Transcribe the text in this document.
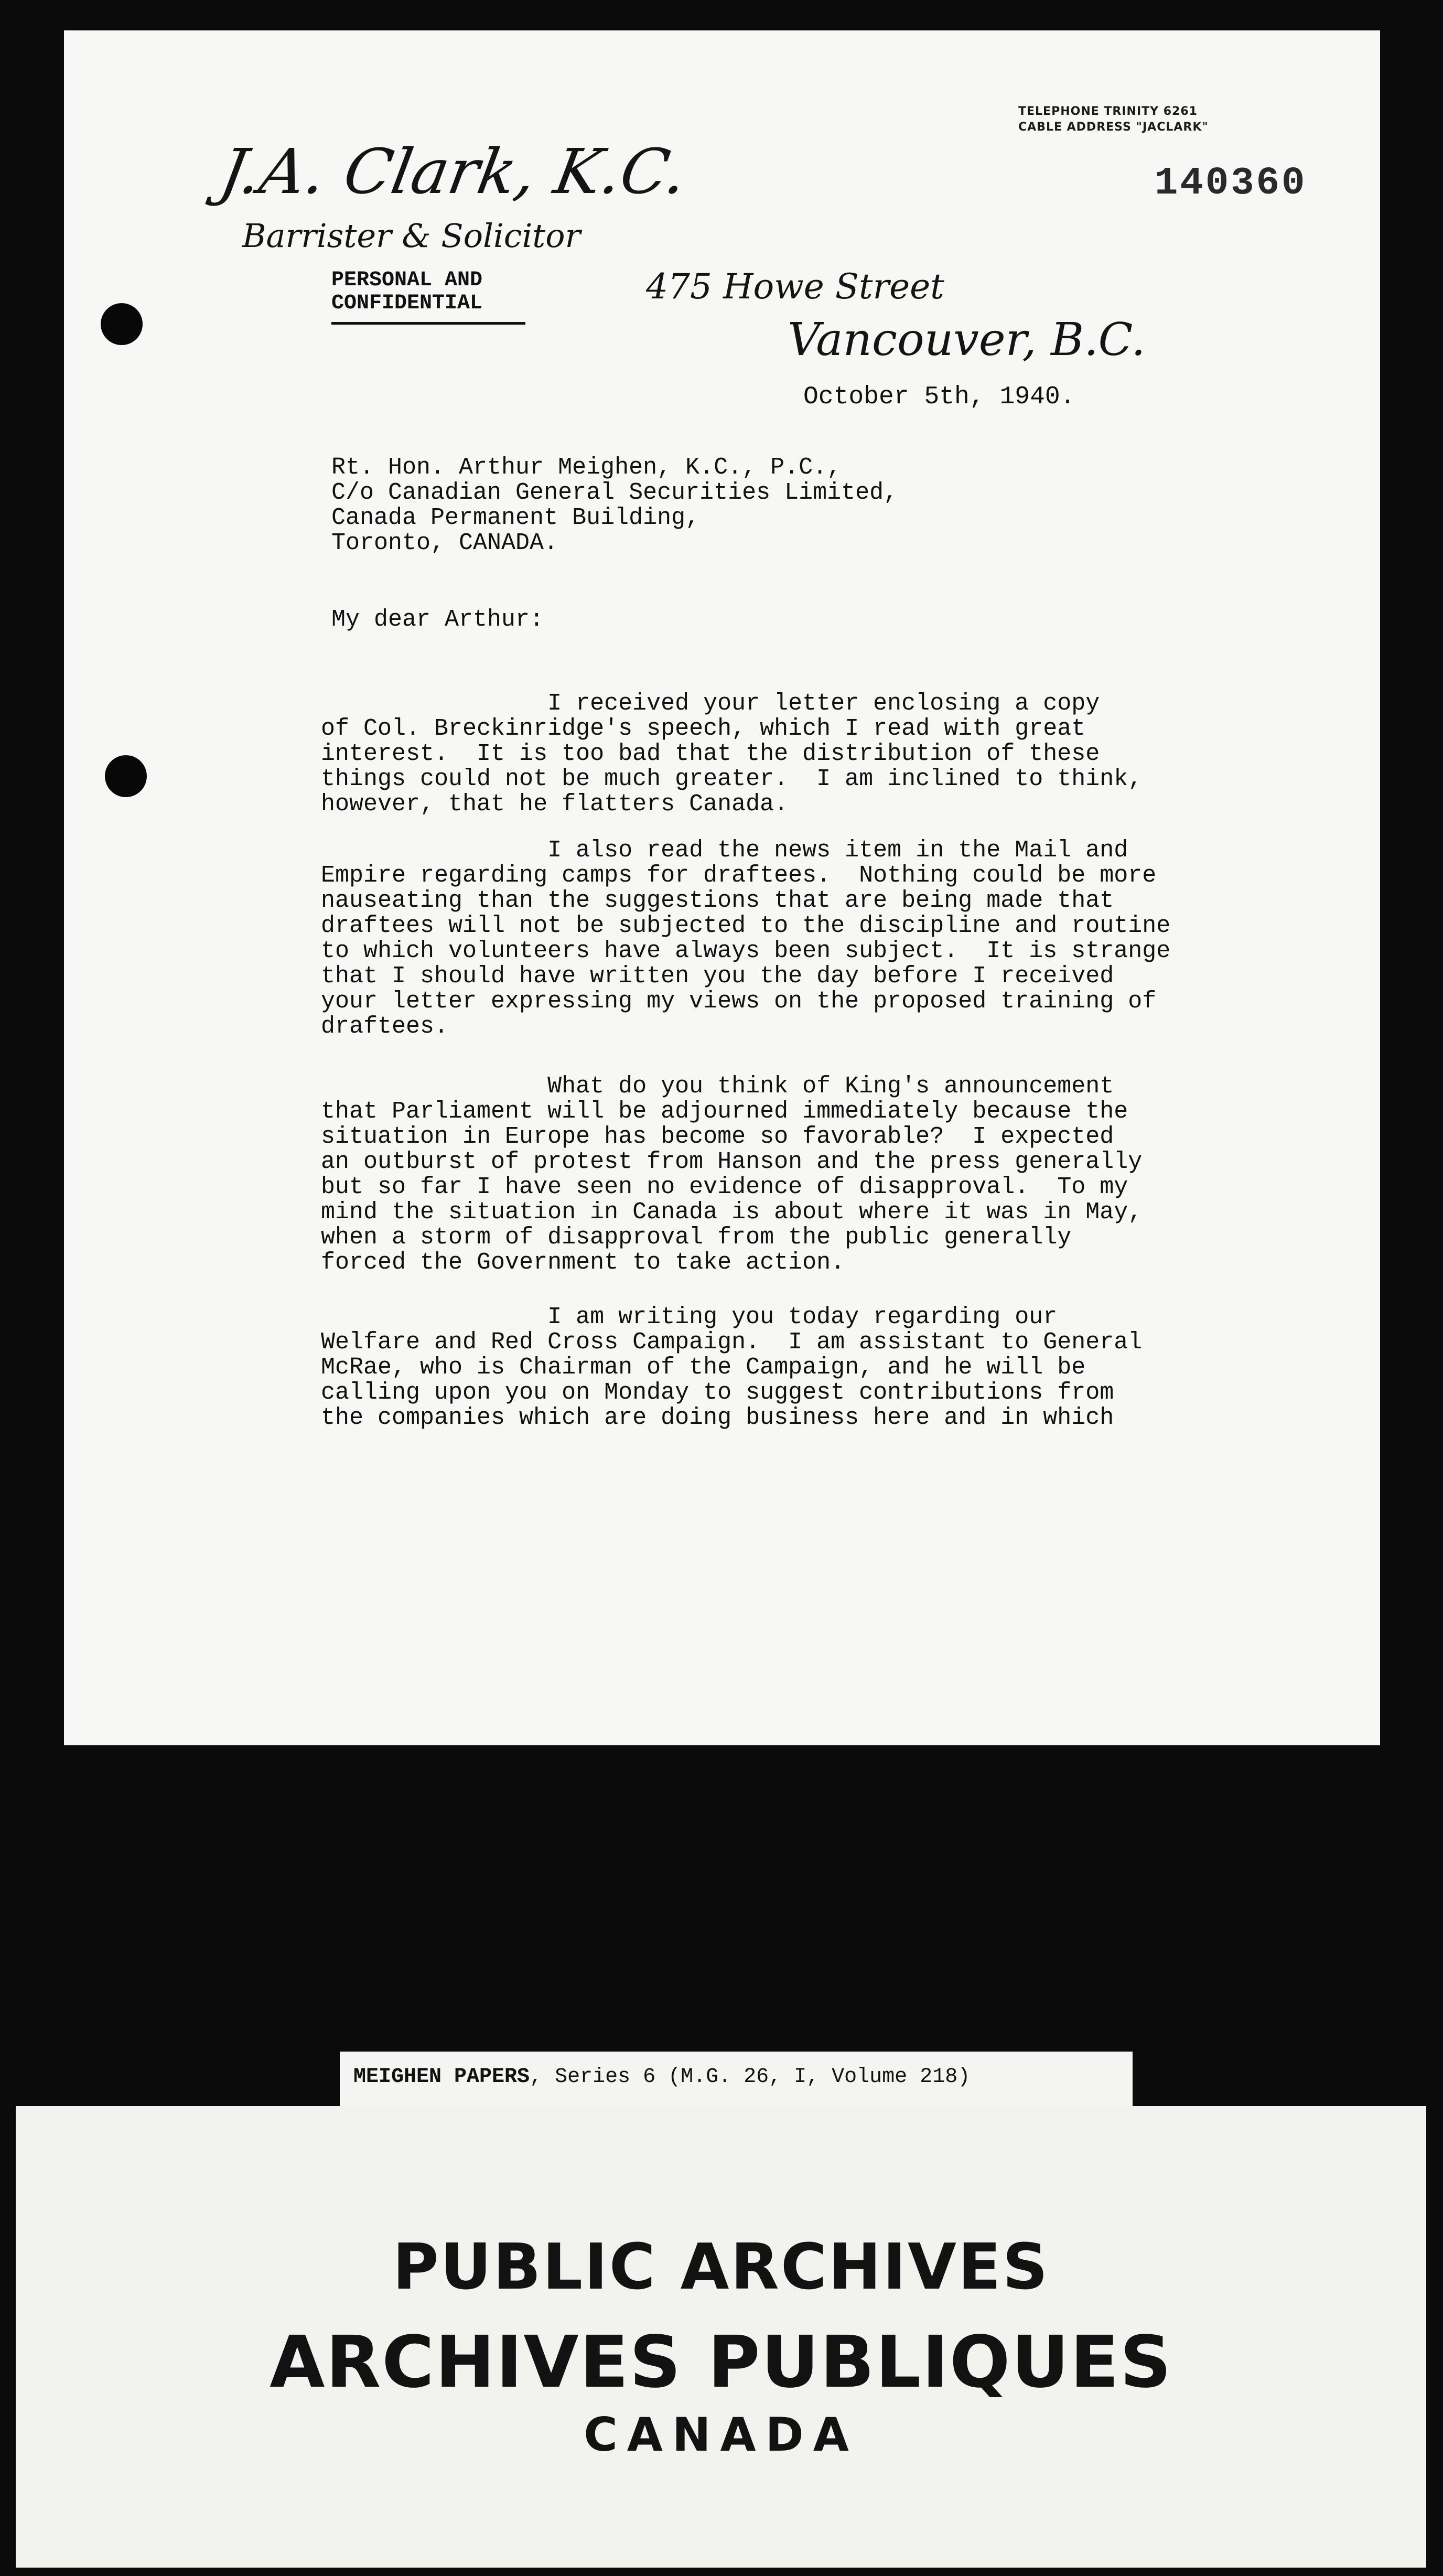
TELEPHONE TRINITY 6261
CABLE ADDRESS "JACLARK"
140360
J.A. Clark, K.C.
Barrister & Solicitor
475 Howe Street
Vancouver, B.C.
PERSONAL AND
CONFIDENTIAL
October 5th, 1940.
Rt. Hon. Arthur Meighen, K.C., P.C.,
C/o Canadian General Securities Limited,
Canada Permanent Building,
Toronto, CANADA.
My dear Arthur:
I received your letter enclosing a copy
of Col. Breckinridge's speech, which I read with great
interest.  It is too bad that the distribution of these
things could not be much greater.  I am inclined to think,
however, that he flatters Canada.
I also read the news item in the Mail and
Empire regarding camps for draftees.  Nothing could be more
nauseating than the suggestions that are being made that
draftees will not be subjected to the discipline and routine
to which volunteers have always been subject.  It is strange
that I should have written you the day before I received
your letter expressing my views on the proposed training of
draftees.
What do you think of King's announcement
that Parliament will be adjourned immediately because the
situation in Europe has become so favorable?  I expected
an outburst of protest from Hanson and the press generally
but so far I have seen no evidence of disapproval.  To my
mind the situation in Canada is about where it was in May,
when a storm of disapproval from the public generally
forced the Government to take action.
I am writing you today regarding our
Welfare and Red Cross Campaign.  I am assistant to General
McRae, who is Chairman of the Campaign, and he will be
calling upon you on Monday to suggest contributions from
the companies which are doing business here and in which
MEIGHEN PAPERS, Series 6 (M.G. 26, I, Volume 218)
PUBLIC ARCHIVES
ARCHIVES PUBLIQUES
CANADA
